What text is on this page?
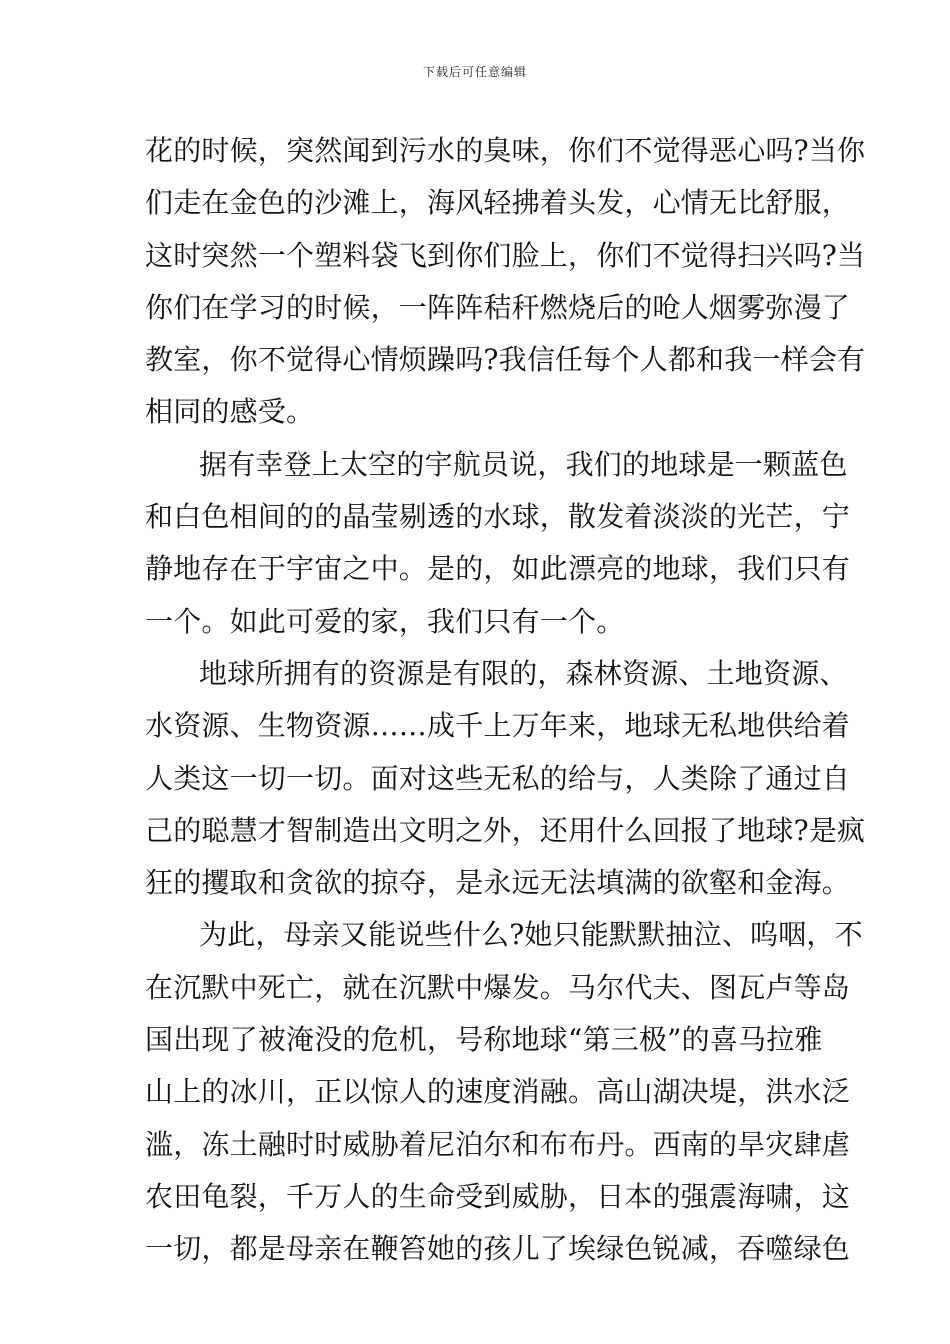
下载后可任意编辑
花的时候，突然闻到污水的臭味，你们不觉得恶心吗?当你
们走在金色的沙滩上，海风轻拂着头发，心情无比舒服，
这时突然一个塑料袋飞到你们脸上，你们不觉得扫兴吗?当
你们在学习的时候，一阵阵秸秆燃烧后的呛人烟雾弥漫了
教室，你不觉得心情烦躁吗?我信任每个人都和我一样会有
相同的感受。
据有幸登上太空的宇航员说，我们的地球是一颗蓝色
和白色相间的的晶莹剔透的水球，散发着淡淡的光芒，宁
静地存在于宇宙之中。是的，如此漂亮的地球，我们只有
一个。如此可爱的家，我们只有一个。
地球所拥有的资源是有限的，森林资源、土地资源、
水资源、生物资源……成千上万年来，地球无私地供给着
人类这一切一切。面对这些无私的给与，人类除了通过自
己的聪慧才智制造出文明之外，还用什么回报了地球?是疯
狂的攫取和贪欲的掠夺，是永远无法填满的欲壑和金海。
为此，母亲又能说些什么?她只能默默抽泣、呜咽，不
在沉默中死亡，就在沉默中爆发。马尔代夫、图瓦卢等岛
国出现了被淹没的危机，号称地球“第三极”的喜马拉雅
山上的冰川，正以惊人的速度消融。高山湖决堤，洪水泛
滥，冻土融时时威胁着尼泊尔和布布丹。西南的旱灾肆虐
农田龟裂，千万人的生命受到威胁，日本的强震海啸，这
一切，都是母亲在鞭笞她的孩儿了埃绿色锐减，吞噬绿色
